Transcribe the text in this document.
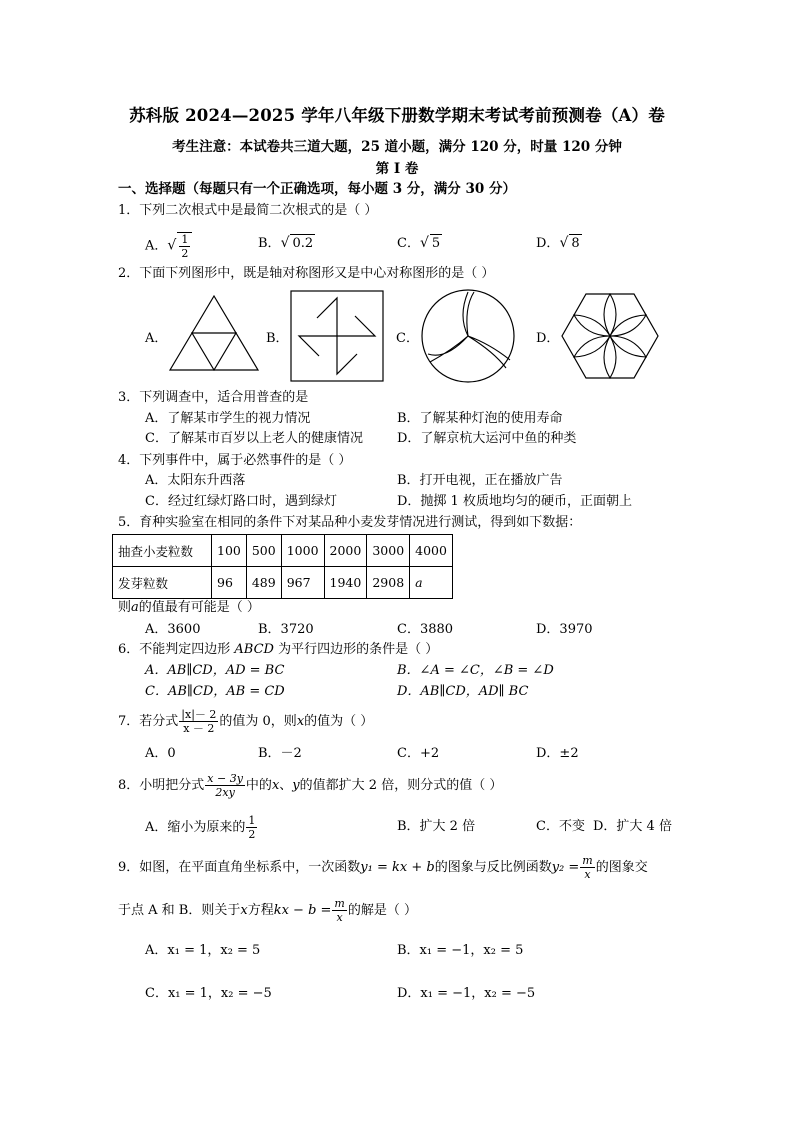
苏科版 2024—2025 学年八年级下册数学期末考试考前预测卷（A）卷
考生注意：本试卷共三道大题，25 道小题，满分 120 分，时量 120 分钟
第 I 卷
一、选择题（每题只有一个正确选项，每小题 3 分，满分 30 分）
1．下列二次根式中是最简二次根式的是（ ）
A．√ $\frac{1}{2}$	B．√ 0.2	C．√ 5	D．√ 8
2．下面下列图形中，既是轴对称图形又是中心对称图形的是（ ）
A．	B．	C．	D．
3．下列调查中，适合用普查的是
A．了解某市学生的视力情况	B．了解某种灯泡的使用寿命
C．了解某市百岁以上老人的健康情况	D．了解京杭大运河中鱼的种类
4．下列事件中，属于必然事件的是（ ）
A．太阳东升西落	B．打开电视，正在播放广告
C．经过红绿灯路口时，遇到绿灯	D．抛掷 1 枚质地均匀的硬币，正面朝上
5．育种实验室在相同的条件下对某品种小麦发芽情况进行测试，得到如下数据：
抽查小麦粒数	100	500	1000	2000	3000	4000
发芽粒数	96	489	967	1940	2908	a
则a的值最有可能是（ ）
A．3600	B．3720	C．3880	D．3970
6．不能判定四边形 ABCD 为平行四边形的条件是（ ）
A．AB∥CD，AD = BC	B．∠A = ∠C，∠B = ∠D
C．AB∥CD，AB = CD	D．AB∥CD，AD∥ BC
7．若分式 $\frac{|x|- 2}{x - 2}$ 的值为 0，则x的值为（ ）
A．0	B．－2	C．+2	D．±2
8．小明把分式 $\frac{x - 3y}{2xy}$ 中的x、y的值都扩大 2 倍，则分式的值（ ）
A．缩小为原来的 $\frac{1}{2}$	B．扩大 2 倍	C．不变 D．扩大 4 倍
9．如图，在平面直角坐标系中，一次函数y₁ = kx + b的图象与反比例函数$y_2 = \frac{m}{x}$ 的图象交
于点 A 和 B．则关于x方程kx − $b = \frac{m}{x}$ 的解是（ ）
A．x₁ = 1，x₂ = 5	B．x₁ = −1，x₂ = 5
C．x₁ = 1，x₂ = −5	D．x₁ = −1，x₂ = −5
